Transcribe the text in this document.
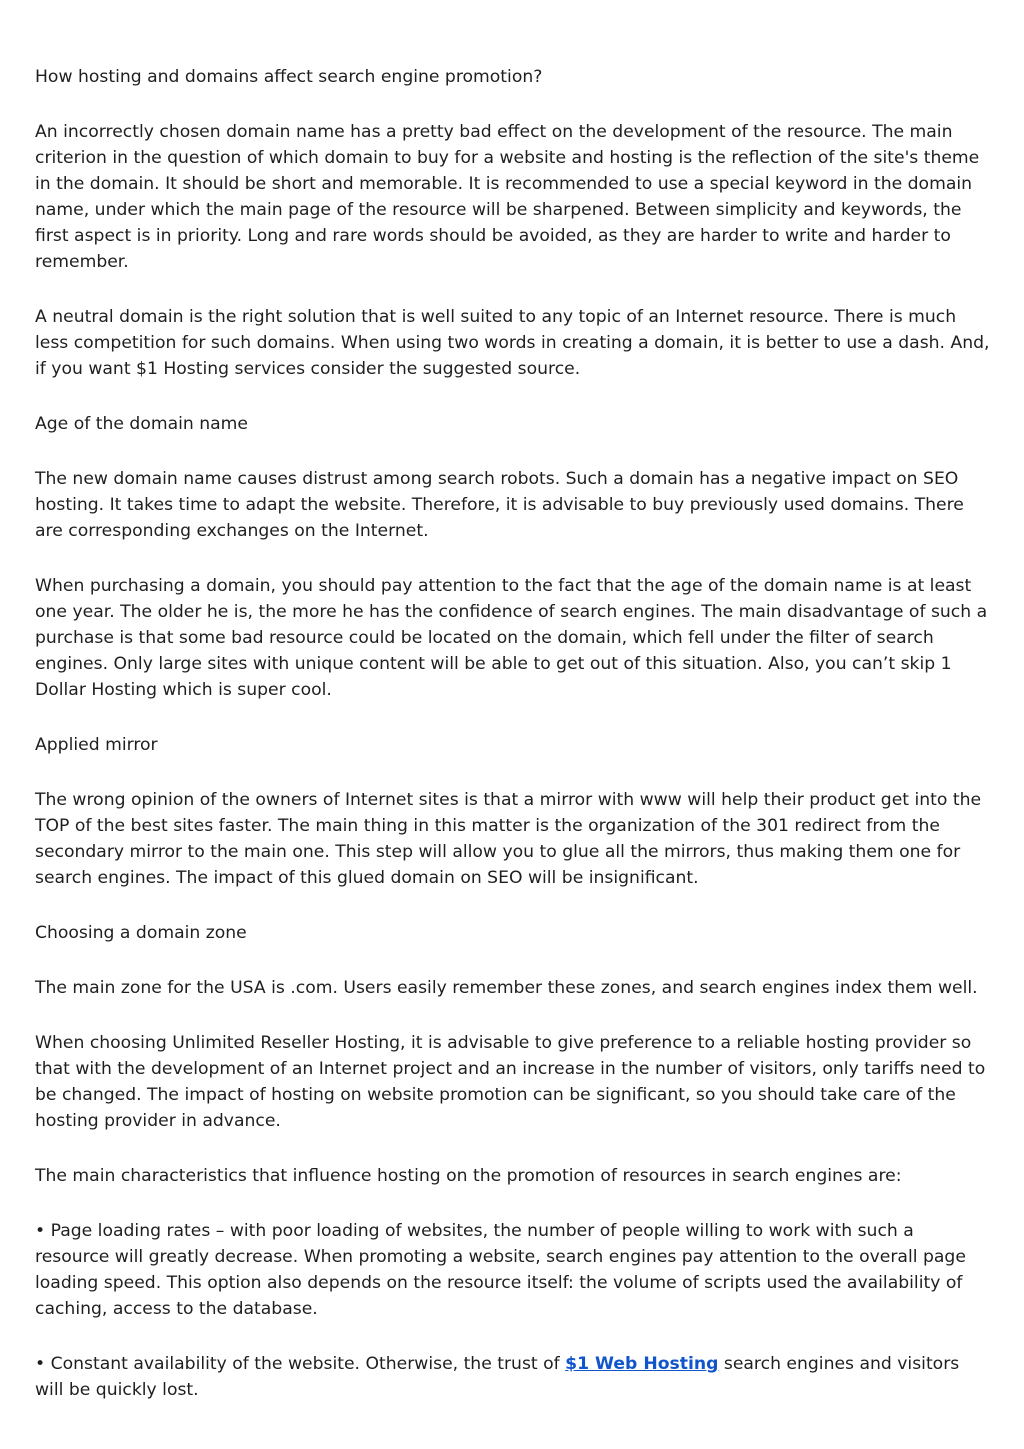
How hosting and domains affect search engine promotion?

An incorrectly chosen domain name has a pretty bad effect on the development of the resource. The main criterion in the question of which domain to buy for a website and hosting is the reflection of the site's theme in the domain. It should be short and memorable. It is recommended to use a special keyword in the domain name, under which the main page of the resource will be sharpened. Between simplicity and keywords, the first aspect is in priority. Long and rare words should be avoided, as they are harder to write and harder to remember.

A neutral domain is the right solution that is well suited to any topic of an Internet resource. There is much less competition for such domains. When using two words in creating a domain, it is better to use a dash. And, if you want $1 Hosting services consider the suggested source.

Age of the domain name

The new domain name causes distrust among search robots. Such a domain has a negative impact on SEO hosting. It takes time to adapt the website. Therefore, it is advisable to buy previously used domains. There are corresponding exchanges on the Internet.

When purchasing a domain, you should pay attention to the fact that the age of the domain name is at least one year. The older he is, the more he has the confidence of search engines. The main disadvantage of such a purchase is that some bad resource could be located on the domain, which fell under the filter of search engines. Only large sites with unique content will be able to get out of this situation. Also, you can’t skip 1 Dollar Hosting which is super cool.

Applied mirror

The wrong opinion of the owners of Internet sites is that a mirror with www will help their product get into the TOP of the best sites faster. The main thing in this matter is the organization of the 301 redirect from the secondary mirror to the main one. This step will allow you to glue all the mirrors, thus making them one for search engines. The impact of this glued domain on SEO will be insignificant.

Choosing a domain zone

The main zone for the USA is .com. Users easily remember these zones, and search engines index them well.

When choosing Unlimited Reseller Hosting, it is advisable to give preference to a reliable hosting provider so that with the development of an Internet project and an increase in the number of visitors, only tariffs need to be changed. The impact of hosting on website promotion can be significant, so you should take care of the hosting provider in advance.

The main characteristics that influence hosting on the promotion of resources in search engines are:

• Page loading rates – with poor loading of websites, the number of people willing to work with such a resource will greatly decrease. When promoting a website, search engines pay attention to the overall page loading speed. This option also depends on the resource itself: the volume of scripts used the availability of caching, access to the database.

• Constant availability of the website. Otherwise, the trust of $1 Web Hosting search engines and visitors will be quickly lost.
